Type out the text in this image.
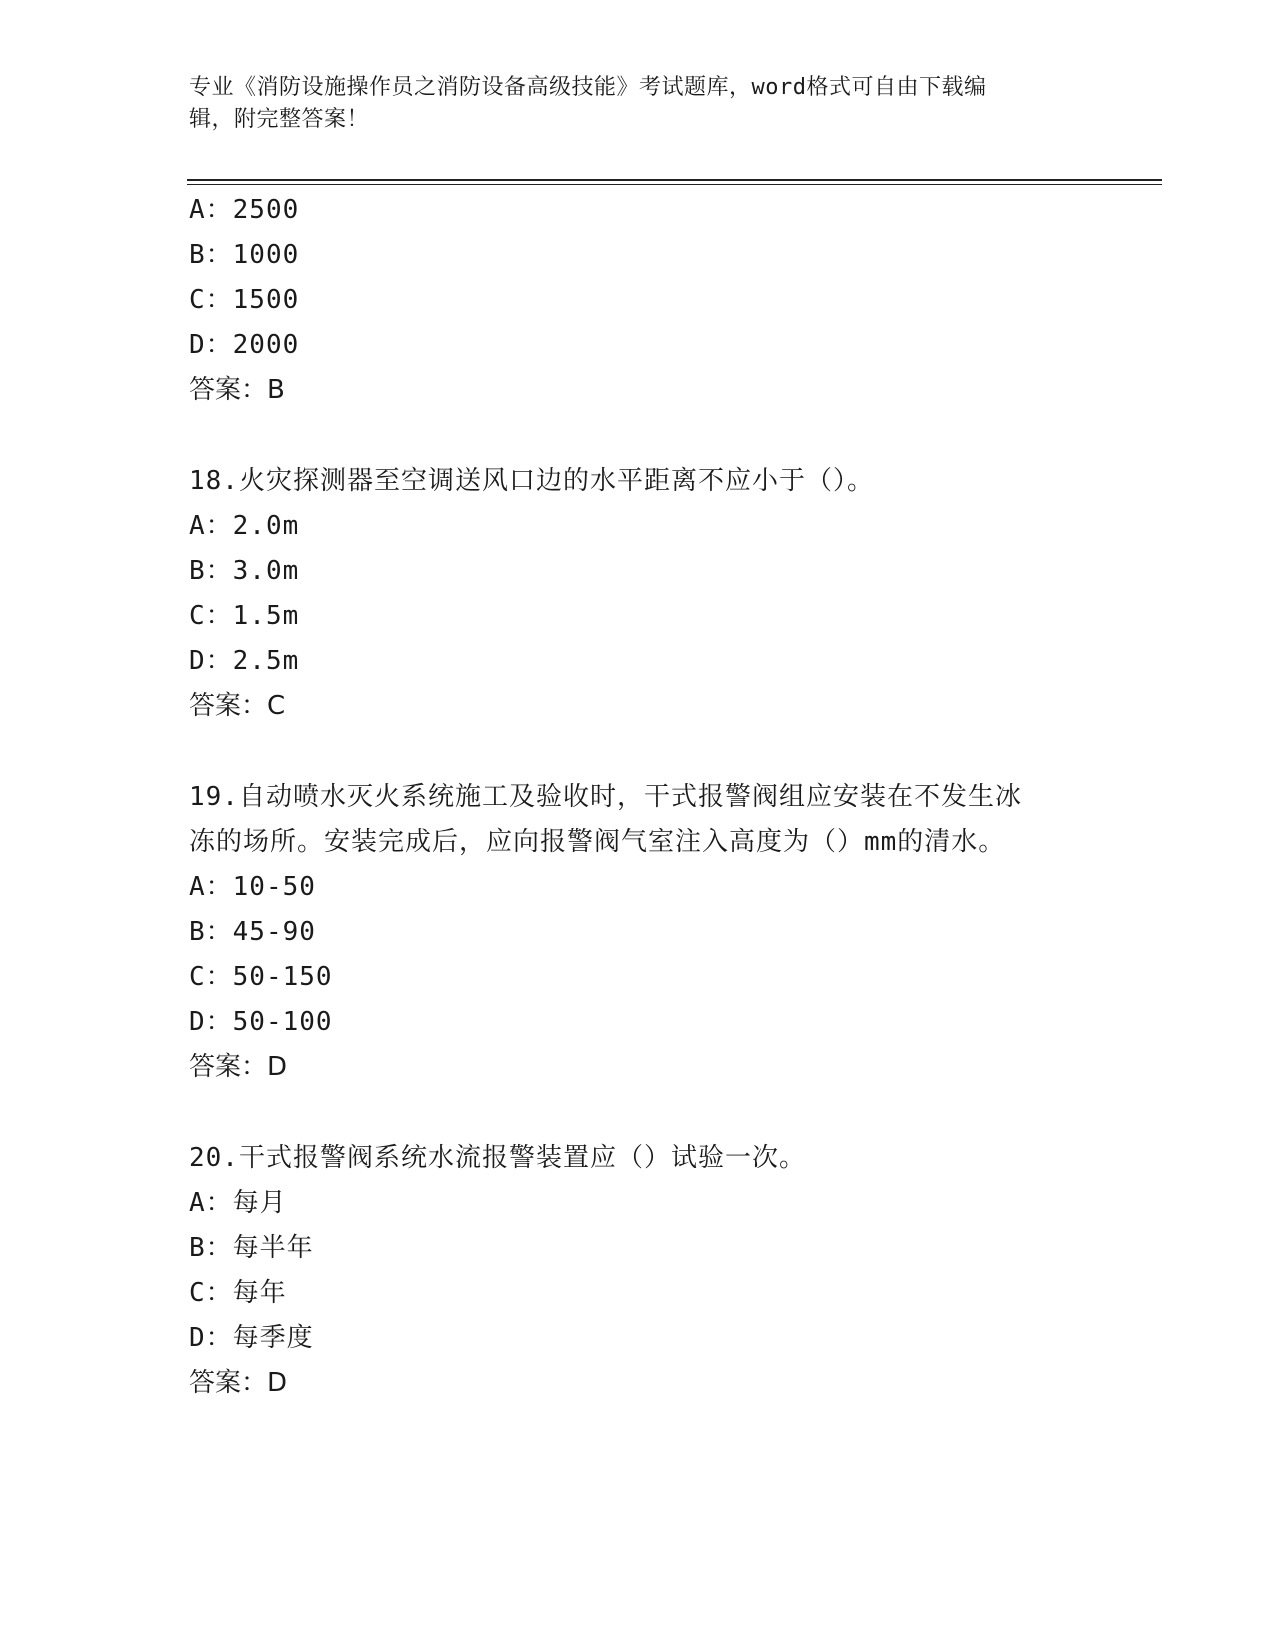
专业《消防设施操作员之消防设备高级技能》考试题库，word格式可自由下载编
辑，附完整答案！
A：2500
B：1000
C：1500
D：2000
答案：B
18.火灾探测器至空调送风口边的水平距离不应小于（）。
A：2.0m
B：3.0m
C：1.5m
D：2.5m
答案：C
19.自动喷水灭火系统施工及验收时，干式报警阀组应安装在不发生冰
冻的场所。安装完成后，应向报警阀气室注入高度为（）mm的清水。
A：10-50
B：45-90
C：50-150
D：50-100
答案：D
20.干式报警阀系统水流报警装置应（）试验一次。
A：每月
B：每半年
C：每年
D：每季度
答案：D
